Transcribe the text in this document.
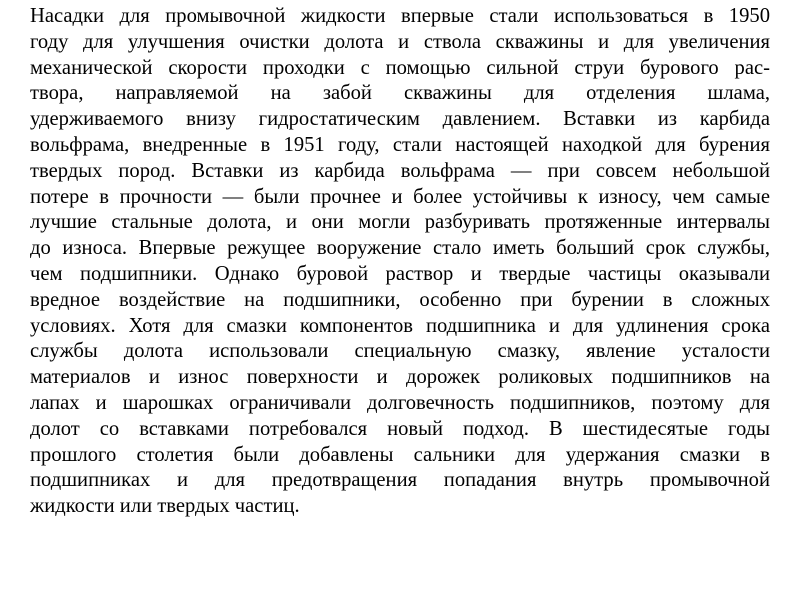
Насадки для промывочной жидкости впервые стали использоваться в 1950
году для улучшения очистки долота и ствола скважины и для увеличения
механической скорости проходки с помощью сильной струи бурового рас-
твора, направляемой на забой скважины для отделения шлама,
удерживаемого внизу гидростатическим давлением. Вставки из карбида
вольфрама, внедренные в 1951 году, стали настоящей находкой для бурения
твердых пород. Вставки из карбида вольфрама — при совсем небольшой
потере в прочности — были прочнее и более устойчивы к износу, чем самые
лучшие стальные долота, и они могли разбуривать протяженные интервалы
до износа. Впервые режущее вооружение стало иметь больший срок службы,
чем подшипники. Однако буровой раствор и твердые частицы оказывали
вредное воздействие на подшипники, особенно при бурении в сложных
условиях. Хотя для смазки компонентов подшипника и для удлинения срока
службы долота использовали специальную смазку, явление усталости
материалов и износ поверхности и дорожек роликовых подшипников на
лапах и шарошках ограничивали долговечность подшипников, поэтому для
долот со вставками потребовался новый подход. В шестидесятые годы
прошлого столетия были добавлены сальники для удержания смазки в
подшипниках и для предотвращения попадания внутрь промывочной
жидкости или твердых частиц.
